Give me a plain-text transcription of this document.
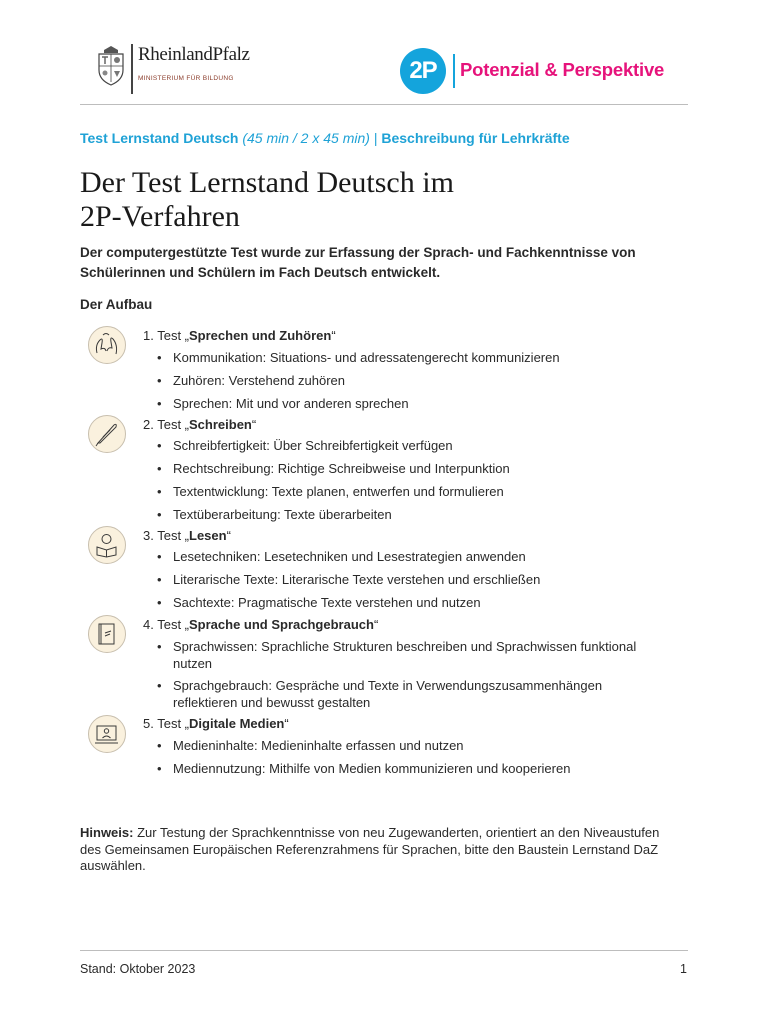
RheinlandPfalz
MINISTERIUM FÜR BILDUNG	2P	Potenzial & Perspektive
Test Lernstand Deutsch (45 min / 2 x 45 min) | Beschreibung für Lehrkräfte
Der Test Lernstand Deutsch im
2P-Verfahren
Der computergestützte Test wurde zur Erfassung der Sprach- und Fachkenntnisse von Schülerinnen und Schülern im Fach Deutsch entwickelt.
Der Aufbau
1. Test „Sprechen und Zuhören“
• Kommunikation: Situations- und adressatengerecht kommunizieren
• Zuhören: Verstehend zuhören
• Sprechen: Mit und vor anderen sprechen
2. Test „Schreiben“
• Schreibfertigkeit: Über Schreibfertigkeit verfügen
• Rechtschreibung: Richtige Schreibweise und Interpunktion
• Textentwicklung: Texte planen, entwerfen und formulieren
• Textüberarbeitung: Texte überarbeiten
3. Test „Lesen“
• Lesetechniken: Lesetechniken und Lesestrategien anwenden
• Literarische Texte: Literarische Texte verstehen und erschließen
• Sachtexte: Pragmatische Texte verstehen und nutzen
4. Test „Sprache und Sprachgebrauch“
• Sprachwissen: Sprachliche Strukturen beschreiben und Sprachwissen funktional nutzen
• Sprachgebrauch: Gespräche und Texte in Verwendungszusammenhängen reflektieren und bewusst gestalten
5. Test „Digitale Medien“
• Medieninhalte: Medieninhalte erfassen und nutzen
• Mediennutzung: Mithilfe von Medien kommunizieren und kooperieren
Hinweis: Zur Testung der Sprachkenntnisse von neu Zugewanderten, orientiert an den Niveaustufen des Gemeinsamen Europäischen Referenzrahmens für Sprachen, bitte den Baustein Lernstand DaZ auswählen.
Stand: Oktober 2023	1
